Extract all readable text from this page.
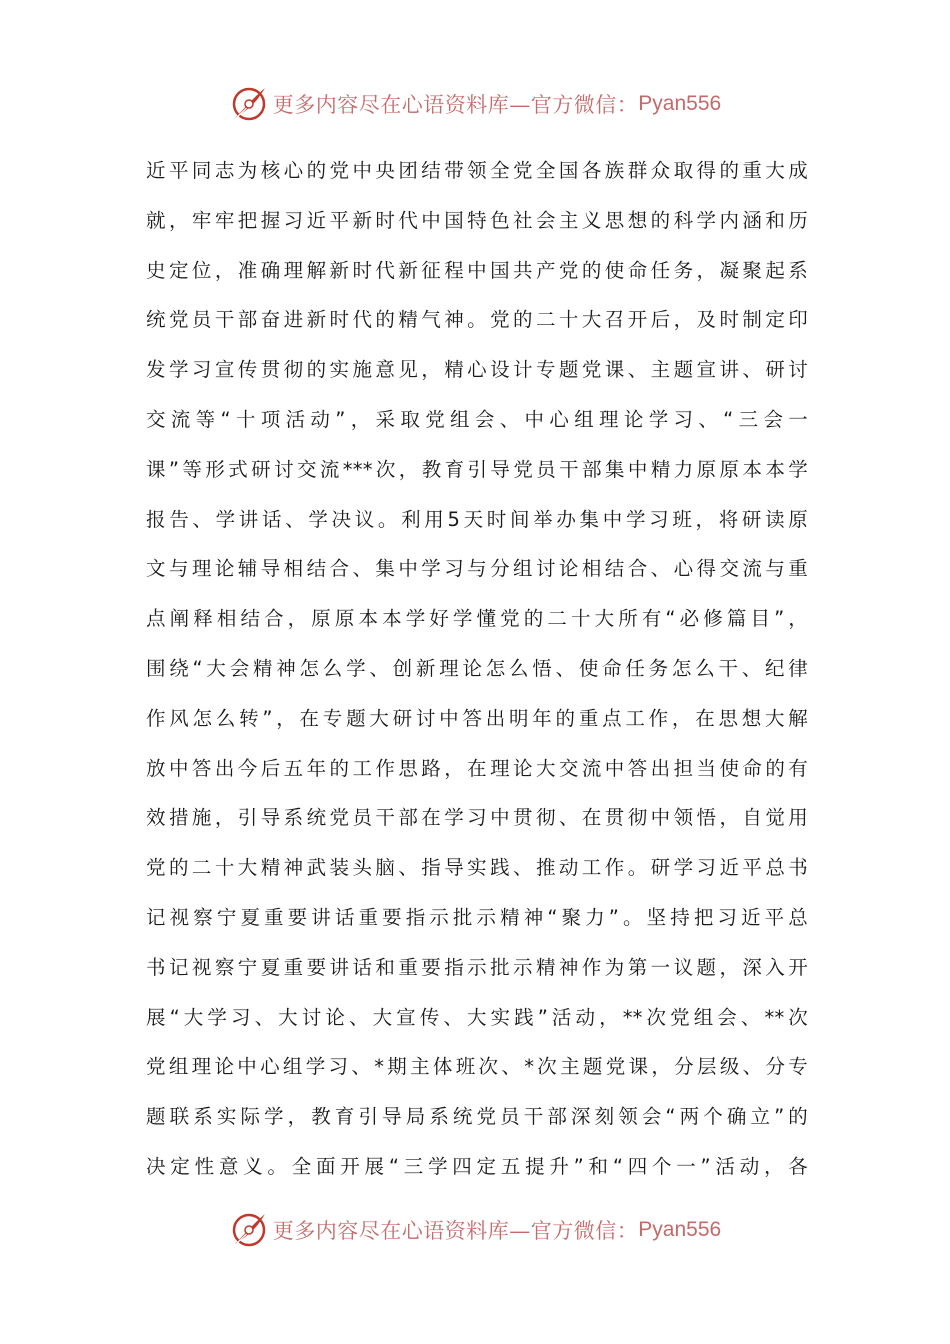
更多内容尽在心语资料库—官方微信： Pyan556
近平同志为核心的党中央团结带领全党全国各族群众取得的重大成
就，牢牢把握习近平新时代中国特色社会主义思想的科学内涵和历
史定位，准确理解新时代新征程中国共产党的使命任务，凝聚起系
统党员干部奋进新时代的精气神。党的二十大召开后，及时制定印
发学习宣传贯彻的实施意见，精心设计专题党课、主题宣讲、研讨
交流等“十项活动”，采取党组会、中心组理论学习、“三会一
课”等形式研讨交流***次，教育引导党员干部集中精力原原本本学
报告、学讲话、学决议。利用5天时间举办集中学习班，将研读原
文与理论辅导相结合、集中学习与分组讨论相结合、心得交流与重
点阐释相结合，原原本本学好学懂党的二十大所有“必修篇目”，
围绕“大会精神怎么学、创新理论怎么悟、使命任务怎么干、纪律
作风怎么转”，在专题大研讨中答出明年的重点工作，在思想大解
放中答出今后五年的工作思路，在理论大交流中答出担当使命的有
效措施，引导系统党员干部在学习中贯彻、在贯彻中领悟，自觉用
党的二十大精神武装头脑、指导实践、推动工作。研学习近平总书
记视察宁夏重要讲话重要指示批示精神“聚力”。坚持把习近平总
书记视察宁夏重要讲话和重要指示批示精神作为第一议题，深入开
展“大学习、大讨论、大宣传、大实践”活动，**次党组会、**次
党组理论中心组学习、*期主体班次、*次主题党课，分层级、分专
题联系实际学，教育引导局系统党员干部深刻领会“两个确立”的
决定性意义。全面开展“三学四定五提升”和“四个一”活动，各
更多内容尽在心语资料库—官方微信： Pyan556
